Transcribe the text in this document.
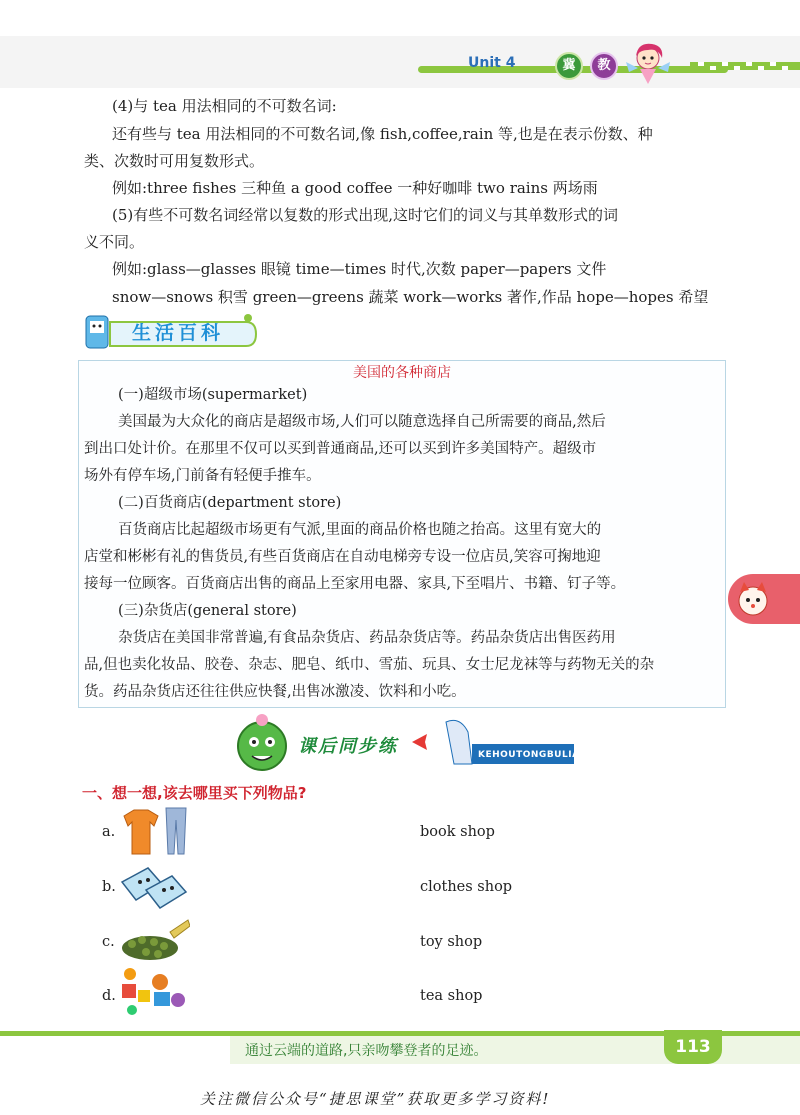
Unit 4	冀	教
(4)与 tea 用法相同的不可数名词:
还有些与 tea 用法相同的不可数名词,像 fish,coffee,rain 等,也是在表示份数、种
类、次数时可用复数形式。
例如:three fishes 三种鱼 a good coffee 一种好咖啡 two rains 两场雨
(5)有些不可数名词经常以复数的形式出现,这时它们的词义与其单数形式的词
义不同。
例如:glass—glasses 眼镜 time—times 时代,次数 paper—papers 文件
snow—snows 积雪 green—greens 蔬菜 work—works 著作,作品 hope—hopes 希望
生活百科
美国的各种商店
(一)超级市场(supermarket)
美国最为大众化的商店是超级市场,人们可以随意选择自己所需要的商品,然后
到出口处计价。在那里不仅可以买到普通商品,还可以买到许多美国特产。超级市
场外有停车场,门前备有轻便手推车。
(二)百货商店(department store)
百货商店比起超级市场更有气派,里面的商品价格也随之抬高。这里有宽大的
店堂和彬彬有礼的售货员,有些百货商店在自动电梯旁专设一位店员,笑容可掬地迎
接每一位顾客。百货商店出售的商品上至家用电器、家具,下至唱片、书籍、钉子等。
(三)杂货店(general store)
杂货店在美国非常普遍,有食品杂货店、药品杂货店等。药品杂货店出售医药用
品,但也卖化妆品、胶卷、杂志、肥皂、纸巾、雪茄、玩具、女士尼龙袜等与药物无关的杂
货。药品杂货店还往往供应快餐,出售冰激凌、饮料和小吃。
课后同步练	KEHOUTONGBULIAN
一、想一想,该去哪里买下列物品?
a.	book shop
b.	clothes shop
c.	toy shop
d.	tea shop
通过云端的道路,只亲吻攀登者的足迹。	113
关注微信公众号“捷思课堂”获取更多学习资料!
